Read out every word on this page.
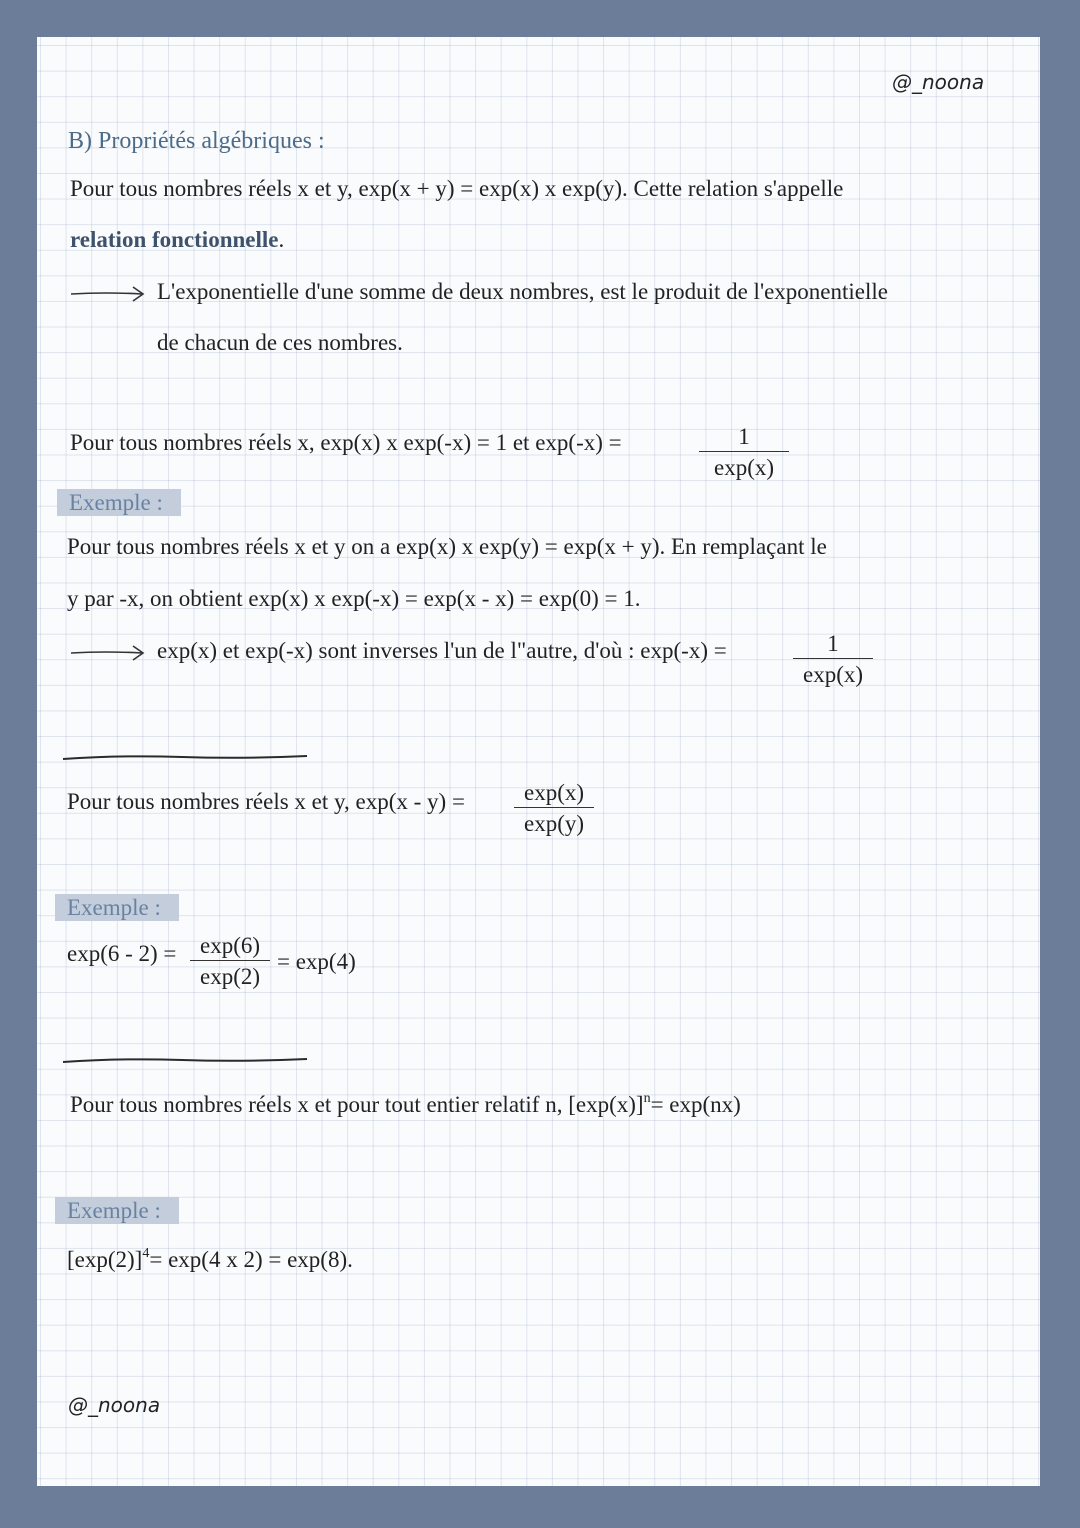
@_noona
B) Propriétés algébriques :
Pour tous nombres réels x et y, exp(x + y) = exp(x) x exp(y). Cette relation s'appelle
relation fonctionnelle.
L'exponentielle d'une somme de deux nombres, est le produit de l'exponentielle
de chacun de ces nombres.
Pour tous nombres réels x, exp(x) x exp(-x) = 1 et exp(-x) =	1
exp(x)
Exemple :
Pour tous nombres réels x et y on a exp(x) x exp(y) = exp(x + y). En remplaçant le
y par -x, on obtient exp(x) x exp(-x) = exp(x - x) = exp(0) = 1.
exp(x) et exp(-x) sont inverses l'un de l"autre, d'où : exp(-x) =	1
exp(x)
Pour tous nombres réels x et y, exp(x - y) =	exp(x)
exp(y)
Exemple :
exp(6 - 2) =	exp(6)
exp(2)
= exp(4)
Pour tous nombres réels x et pour tout entier relatif n, $[\exp(x)]^n= \exp(nx)$
Exemple :
$[\exp(2)]^4= \exp(4$ x 2) = exp(8).
@_noona
